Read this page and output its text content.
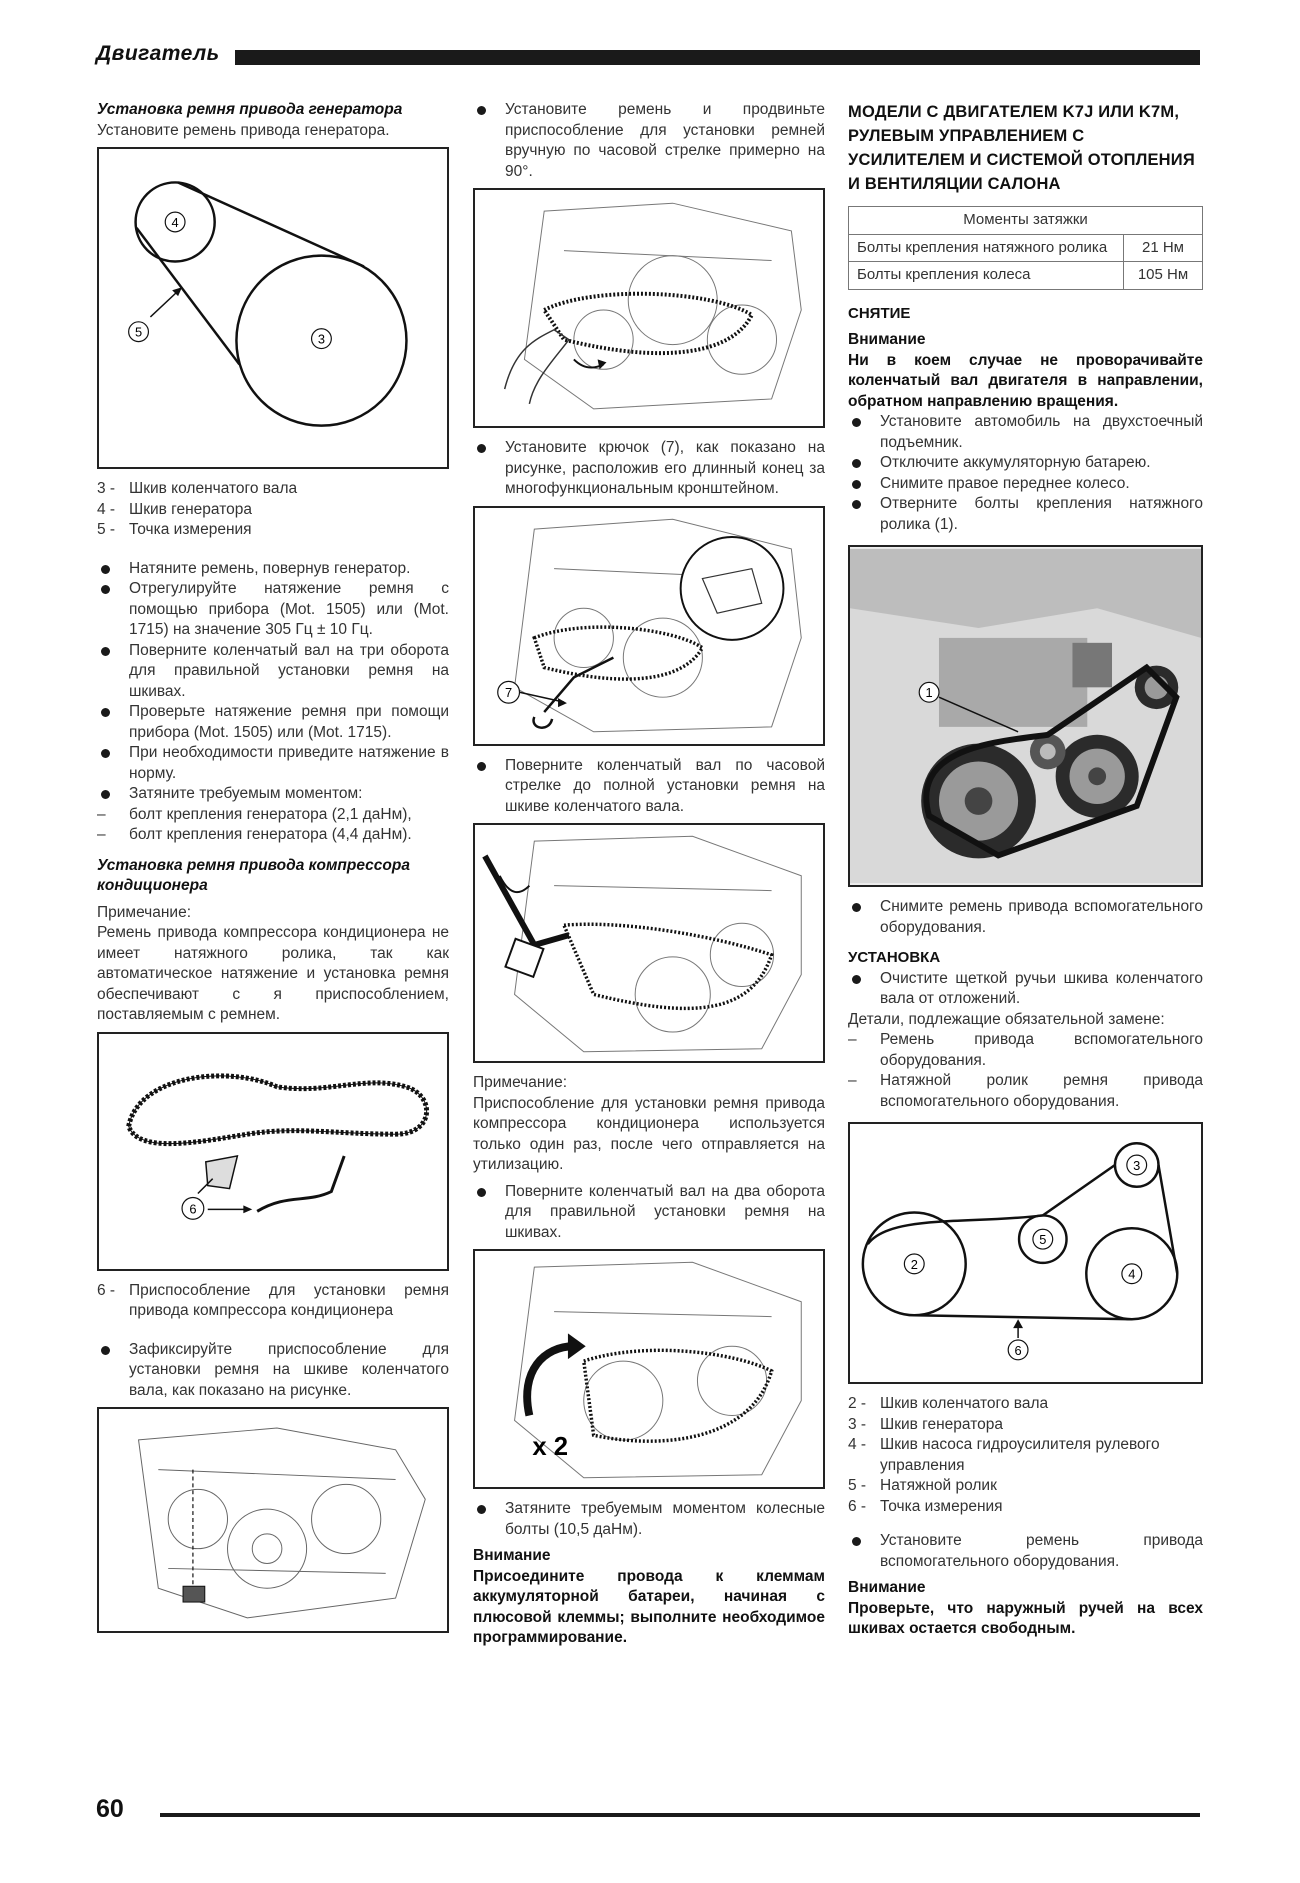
Двигатель
Установка ремня привода генератора
Установите ремень привода генератора.
4
5	3
3 - Шкив коленчатого вала
4 - Шкив генератора
5 - Точка измерения
Натяните ремень, повернув генератор.
Отрегулируйте натяжение ремня с помощью прибора (Mot. 1505) или (Mot. 1715) на значение 305 Гц ± 10 Гц.
Поверните коленчатый вал на три оборота для правильной установки ремня на шкивах.
Проверьте натяжение ремня при помощи прибора (Mot. 1505) или (Mot. 1715).
При необходимости приведите натяжение в норму.
Затяните требуемым моментом:
– болт крепления генератора (2,1 даНм),
– болт крепления генератора (4,4 даНм).
Установка ремня привода компрессора кондиционера
Примечание:
Ремень привода компрессора кондиционера не имеет натяжного ролика, так как автоматическое натяжение и установка ремня обеспечивают с я приспособлением, поставляемым с ремнем.
6
6 - Приспособление для установки ремня привода компрессора кондиционера
Зафиксируйте приспособление для установки ремня на шкиве коленчатого вала, как показано на рисунке.
Установите ремень и продвиньте приспособление для установки ремней вручную по часовой стрелке примерно на 90°.
Установите крючок (7), как показано на рисунке, расположив его длинный конец за многофункциональным кронштейном.
7
Поверните коленчатый вал по часовой стрелке до полной установки ремня на шкиве коленчатого вала.
Примечание:
Приспособление для установки ремня привода компрессора кондиционера используется только один раз, после чего отправляется на утилизацию.
Поверните коленчатый вал на два оборота для правильной установки ремня на шкивах.
x 2
Затяните требуемым моментом колесные болты (10,5 даНм).
Внимание
Присоедините провода к клеммам аккумуляторной батареи, начиная с плюсовой клеммы; выполните необходимое программирование.
МОДЕЛИ С ДВИГАТЕЛЕМ K7J ИЛИ K7M, РУЛЕВЫМ УПРАВЛЕНИЕМ С УСИЛИТЕЛЕМ И СИСТЕМОЙ ОТОПЛЕНИЯ И ВЕНТИЛЯЦИИ САЛОНА
Моменты затяжки	
Болты крепления натяжного ролика	21 Нм
Болты крепления колеса	105 Нм
СНЯТИЕ
Внимание
Ни в коем случае не проворачивайте коленчатый вал двигателя в направлении, обратном направлению вращения.
Установите автомобиль на двухстоечный подъемник.
Отключите аккумуляторную батарею.
Снимите правое переднее колесо.
Отверните болты крепления натяжного ролика (1).
1
Снимите ремень привода вспомогательного оборудования.
УСТАНОВКА
Очистите щеткой ручьи шкива коленчатого вала от отложений.
Детали, подлежащие обязательной замене:
– Ремень привода вспомогательного оборудования.
– Натяжной ролик ремня привода вспомогательного оборудования.
3
5
2
4
6
2 - Шкив коленчатого вала
3 - Шкив генератора
4 - Шкив насоса гидроусилителя рулевого управления
5 - Натяжной ролик
6 - Точка измерения
Установите ремень привода вспомогательного оборудования.
Внимание
Проверьте, что наружный ручей на всех шкивах остается свободным.
60
